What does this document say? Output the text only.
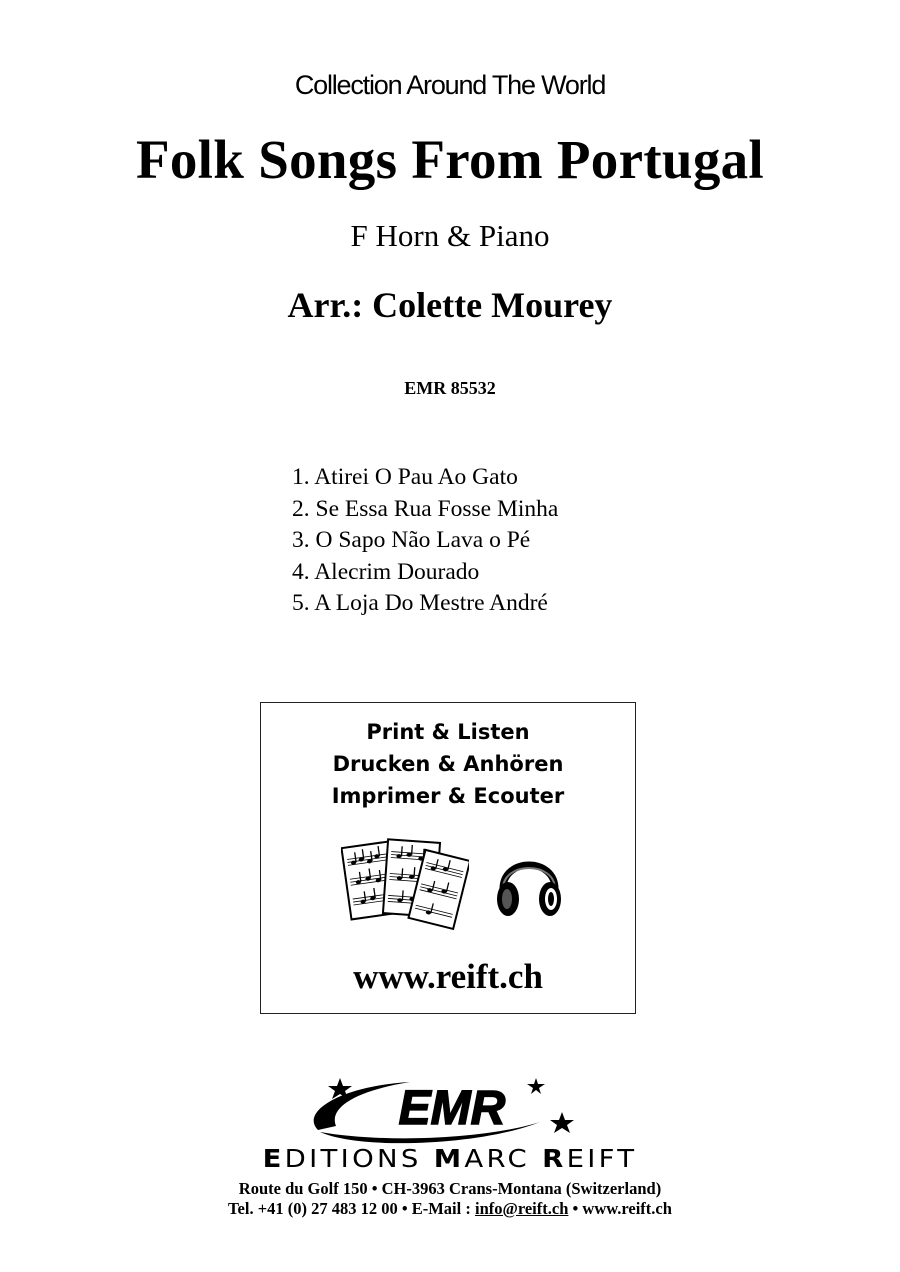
Collection Around The World
Folk Songs From Portugal
F Horn & Piano
Arr.: Colette Mourey
EMR 85532
1. Atirei O Pau Ao Gato
2. Se Essa Rua Fosse Minha
3. O Sapo Não Lava o Pé
4. Alecrim Dourado
5. A Loja Do Mestre André
Print & Listen
Drucken & Anhören
Imprimer & Ecouter
www.reift.ch
EMR
EDITIONS MARC REIFT
Route du Golf 150 • CH-3963 Crans-Montana (Switzerland)
Tel. +41 (0) 27 483 12 00 • E-Mail : info@reift.ch • www.reift.ch
